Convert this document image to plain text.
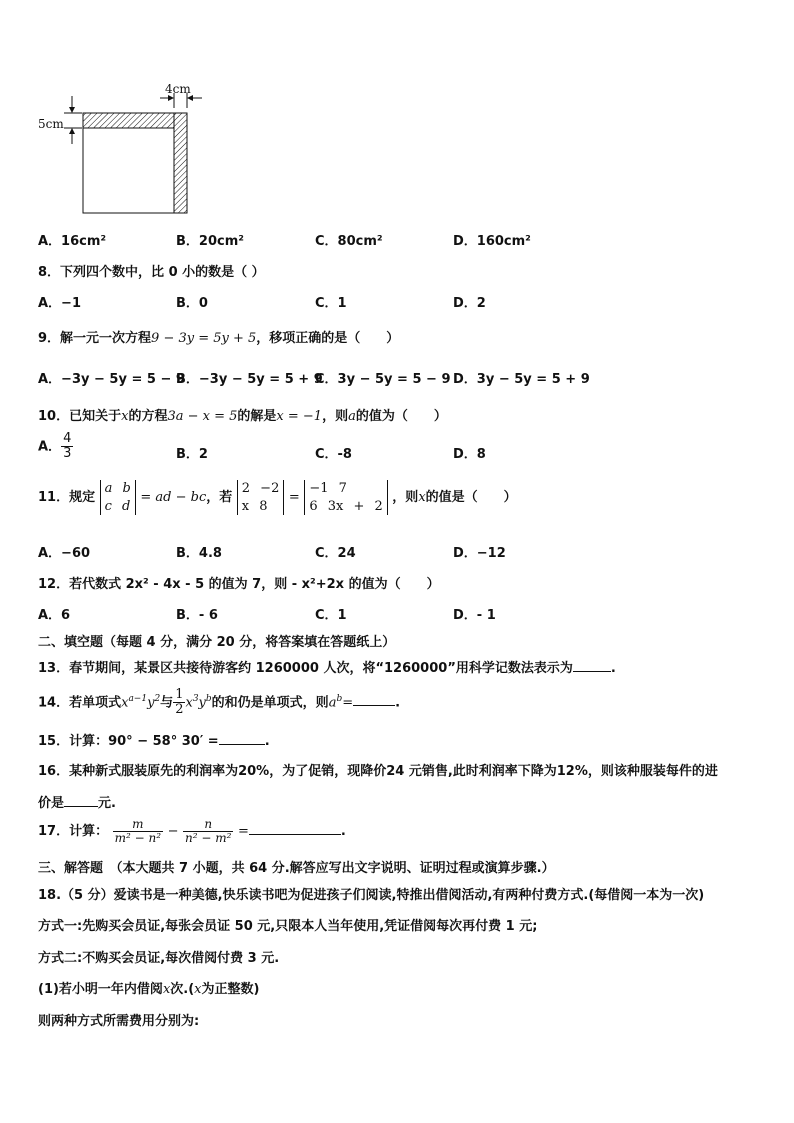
4cm
5cm
A．16cm²	B．20cm²	C．80cm²	D．160cm²
8．下列四个数中，比 0 小的数是（ ）
A．−1	B．0	C．1	D．2
9．解一元一次方程9 − 3y = 5y + 5，移项正确的是（　　）
A．−3y − 5y = 5 − 9
B．−3y − 5y = 5 + 9
C．3y − 5y = 5 − 9 D．3y − 5y = 5 + 9
10．已知关于x的方程3a − x = 5的解是x = −1，则a的值为（　　）
A． $\frac{4}{3}$	B．2	C．-8	D．8
11．规定
a b
c d
= ad − bc，若
2 −2
x 8
=
−1 7
6 3x + 2
，则x的值是（　　）
A．−60	B．4.8	C．24	D．−12
12．若代数式 2x² - 4x - 5 的值为 7，则 - x²+2x 的值为（　　）
A．6	B．- 6	C．1	D．- 1
二、填空题（每题 4 分，满分 20 分，将答案填在答题纸上）
13．春节期间，某景区共接待游客约 1260000 人次，将“1260000”用科学记数法表示为	.
14．若单项式$x^{a-1}y^2$与 $\frac{1}{2} x^3y^b$的和仍是单项式，则$a^b=$	.
15．计算：90° − 58° 30′ =	.
16．某种新式服装原先的利润率为20%，为了促销，现降价24 元销售,此时利润率下降为12%，则该种服装每件的进
价是	元.
17．计算： $\frac{m}{\text{m² − n²}} - \frac{n}{\text{n² − m²}}$ =	.
三、解答题　（本大题共 7 小题，共 64 分.解答应写出文字说明、证明过程或演算步骤.）
18.（5 分）爱读书是一种美德,快乐读书吧为促进孩子们阅读,特推出借阅活动,有两种付费方式.(每借阅一本为一次)
方式一:先购买会员证,每张会员证 50 元,只限本人当年使用,凭证借阅每次再付费 1 元;
方式二:不购买会员证,每次借阅付费 3 元.
(1)若小明一年内借阅x次.(x为正整数)
则两种方式所需费用分别为:
